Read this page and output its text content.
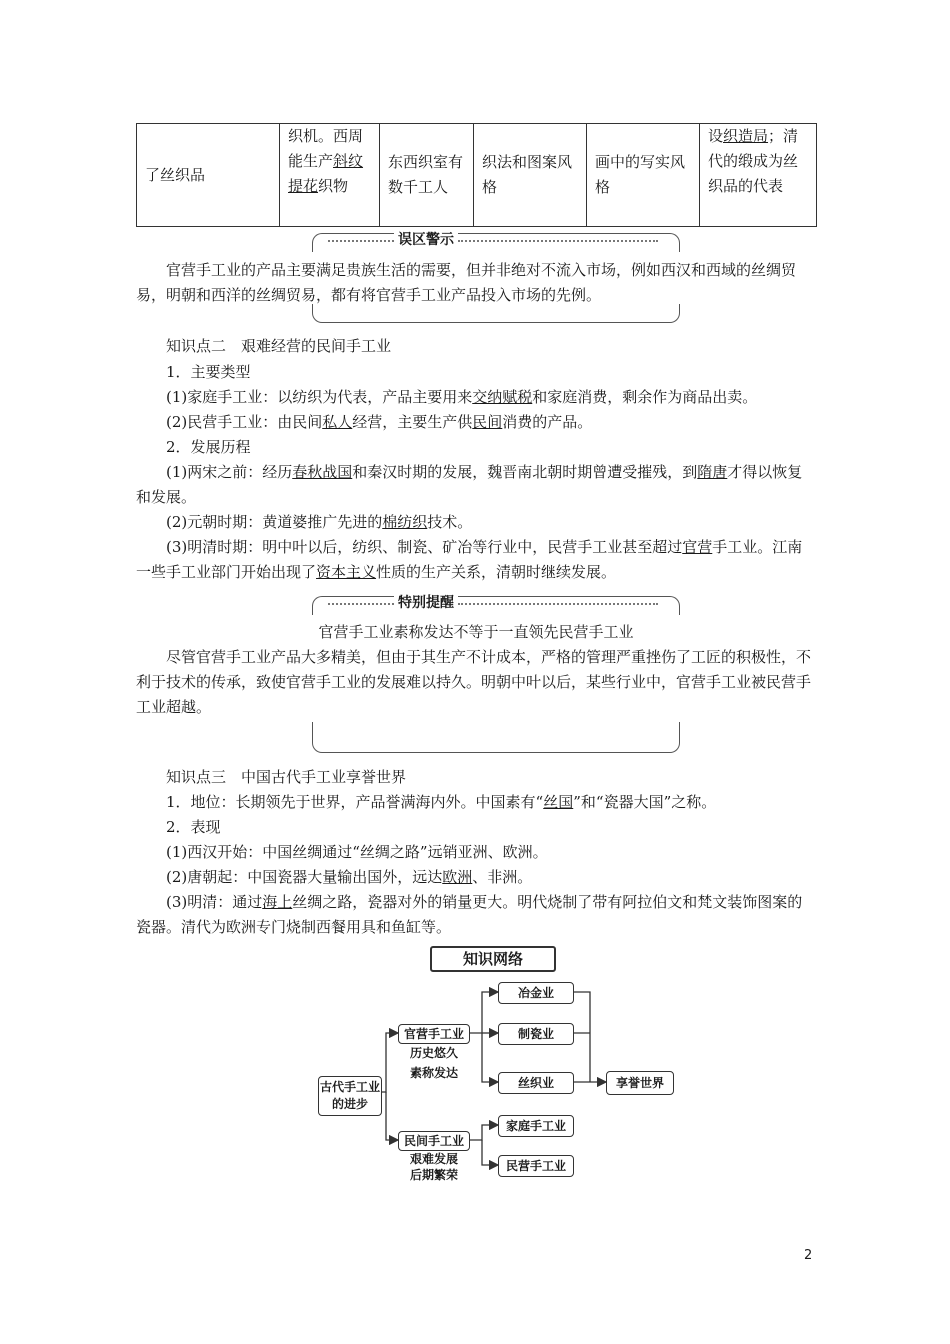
了丝织品	织机。西周能生产斜纹提花织物	东西织室有数千工人	织法和图案风格	画中的写实风格	设织造局；清代的缎成为丝织品的代表
误区警示

官营手工业的产品主要满足贵族生活的需要，但并非绝对不流入市场，例如西汉和西域的丝绸贸易，明朝和西洋的丝绸贸易，都有将官营手工业产品投入市场的先例。

知识点二　艰难经营的民间手工业

1．主要类型

(1)家庭手工业：以纺织为代表，产品主要用来交纳赋税和家庭消费，剩余作为商品出卖。

(2)民营手工业：由民间私人经营，主要生产供民间消费的产品。

2．发展历程

(1)两宋之前：经历春秋战国和秦汉时期的发展，魏晋南北朝时期曾遭受摧残，到隋唐才得以恢复和发展。

(2)元朝时期：黄道婆推广先进的棉纺织技术。

(3)明清时期：明中叶以后，纺织、制瓷、矿冶等行业中，民营手工业甚至超过官营手工业。江南一些手工业部门开始出现了资本主义性质的生产关系，清朝时继续发展。

特别提醒

官营手工业素称发达不等于一直领先民营手工业

尽管官营手工业产品大多精美，但由于其生产不计成本，严格的管理严重挫伤了工匠的积极性，不利于技术的传承，致使官营手工业的发展难以持久。明朝中叶以后，某些行业中，官营手工业被民营手工业超越。

知识点三　中国古代手工业享誉世界

1．地位：长期领先于世界，产品誉满海内外。中国素有“丝国”和“瓷器大国”之称。

2．表现

(1)西汉开始：中国丝绸通过“丝绸之路”远销亚洲、欧洲。

(2)唐朝起：中国瓷器大量输出国外，远达欧洲、非洲。

(3)明清：通过海上丝绸之路，瓷器对外的销量更大。明代烧制了带有阿拉伯文和梵文装饰图案的瓷器。清代为欧洲专门烧制西餐用具和鱼缸等。

知识网络
古代手工业的进步
官营手工业
历史悠久
素称发达
民间手工业
艰难发展
后期繁荣
冶金业
制瓷业
丝织业
家庭手工业
民营手工业
享誉世界
2
